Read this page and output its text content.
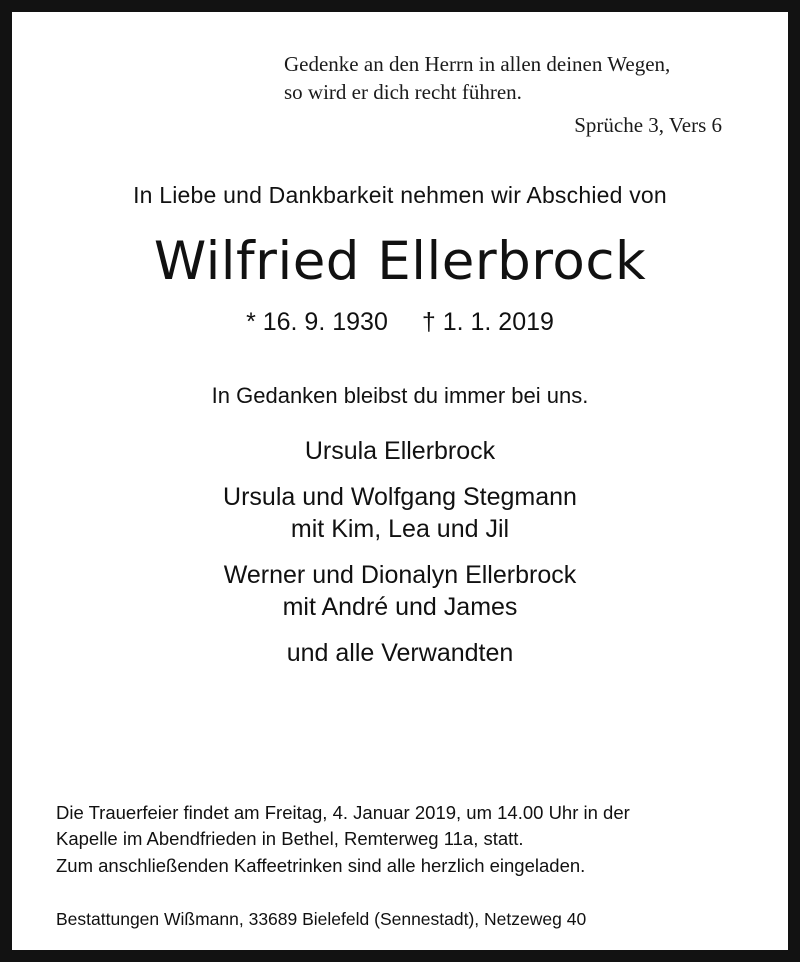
Gedenke an den Herrn in allen deinen Wegen,
so wird er dich recht führen.
Sprüche 3, Vers 6
In Liebe und Dankbarkeit nehmen wir Abschied von
Wilfried Ellerbrock
* 16. 9. 1930 † 1. 1. 2019
In Gedanken bleibst du immer bei uns.
Ursula Ellerbrock
Ursula und Wolfgang Stegmann
mit Kim, Lea und Jil
Werner und Dionalyn Ellerbrock
mit André und James
und alle Verwandten
Die Trauerfeier findet am Freitag, 4. Januar 2019, um 14.00 Uhr in der
Kapelle im Abendfrieden in Bethel, Remterweg 11a, statt.
Zum anschließenden Kaffeetrinken sind alle herzlich eingeladen.
Bestattungen Wißmann, 33689 Bielefeld (Sennestadt), Netzeweg 40
